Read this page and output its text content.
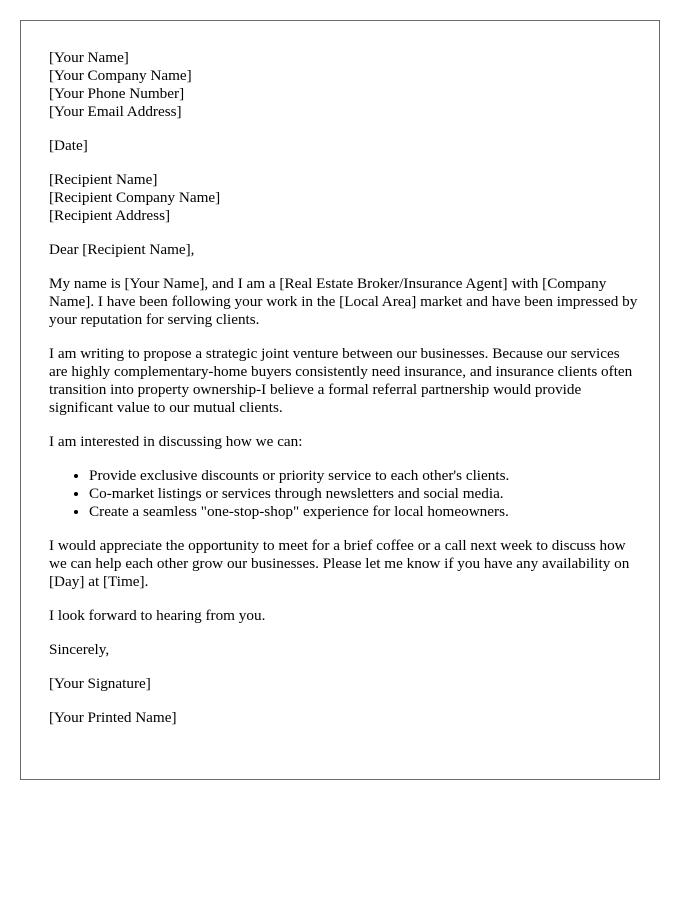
[Your Name]
[Your Company Name]
[Your Phone Number]
[Your Email Address]
[Date]
[Recipient Name]
[Recipient Company Name]
[Recipient Address]

Dear [Recipient Name],

My name is [Your Name], and I am a [Real Estate Broker/Insurance Agent] with [Company Name]. I have been following your work in the [Local Area] market and have been impressed by your reputation for serving clients.

I am writing to propose a strategic joint venture between our businesses. Because our services are highly complementary-home buyers consistently need insurance, and insurance clients often transition into property ownership-I believe a formal referral partnership would provide significant value to our mutual clients.

I am interested in discussing how we can:

• Provide exclusive discounts or priority service to each other's clients.
• Co-market listings or services through newsletters and social media.
• Create a seamless "one-stop-shop" experience for local homeowners.

I would appreciate the opportunity to meet for a brief coffee or a call next week to discuss how we can help each other grow our businesses. Please let me know if you have any availability on [Day] at [Time].

I look forward to hearing from you.

Sincerely,

[Your Signature]

[Your Printed Name]
